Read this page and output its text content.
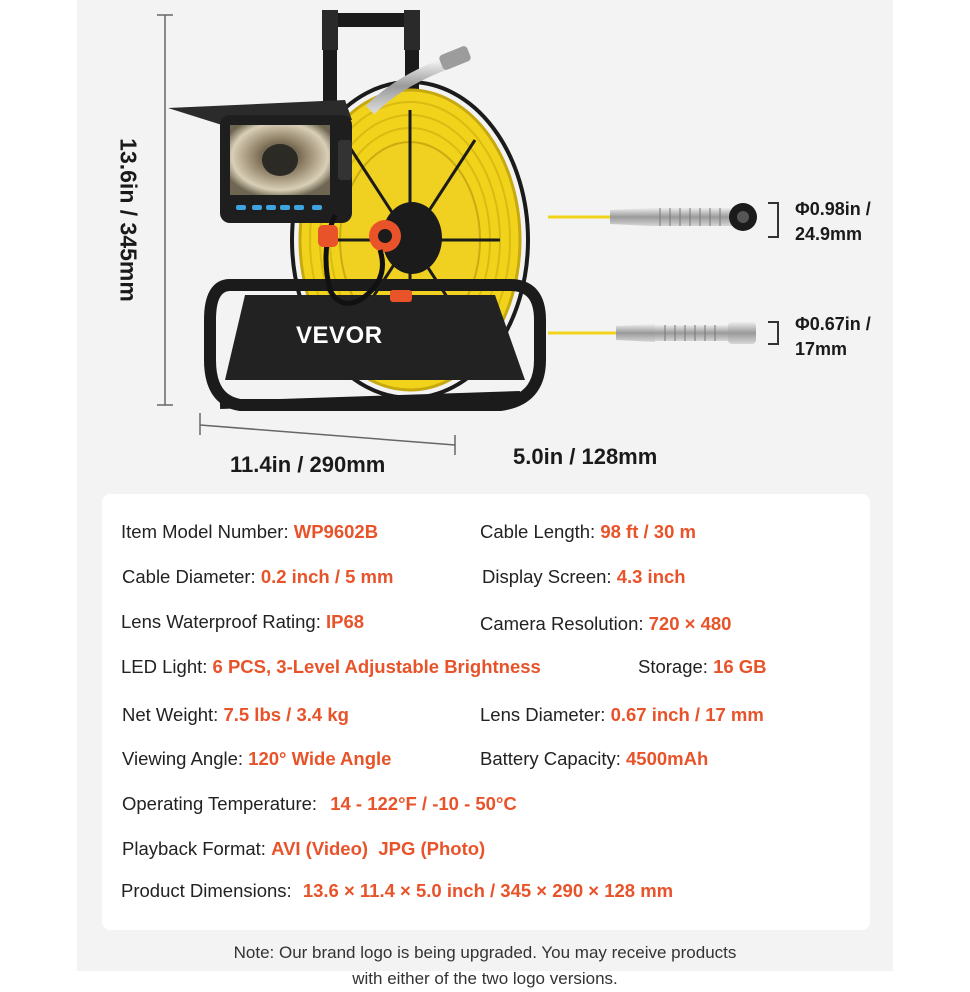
VEVOR
13.6in / 345mm
11.4in / 290mm	5.0in / 128mm
Φ0.98in /
24.9mm
Φ0.67in /
17mm
Item Model Number: WP9602B	Cable Length: 98 ft / 30 m
Cable Diameter: 0.2 inch / 5 mm	Display Screen: 4.3 inch
Lens Waterproof Rating: IP68	Camera Resolution: 720 × 480
LED Light: 6 PCS, 3-Level Adjustable Brightness	Storage: 16 GB
Net Weight: 7.5 lbs / 3.4 kg	Lens Diameter: 0.67 inch / 17 mm
Viewing Angle: 120° Wide Angle	Battery Capacity: 4500mAh
Operating Temperature: 14 - 122°F / -10 - 50°C
Playback Format: AVI (Video)  JPG (Photo)
Product Dimensions: 13.6 × 11.4 × 5.0 inch / 345 × 290 × 128 mm
Note: Our brand logo is being upgraded. You may receive products
with either of the two logo versions.
